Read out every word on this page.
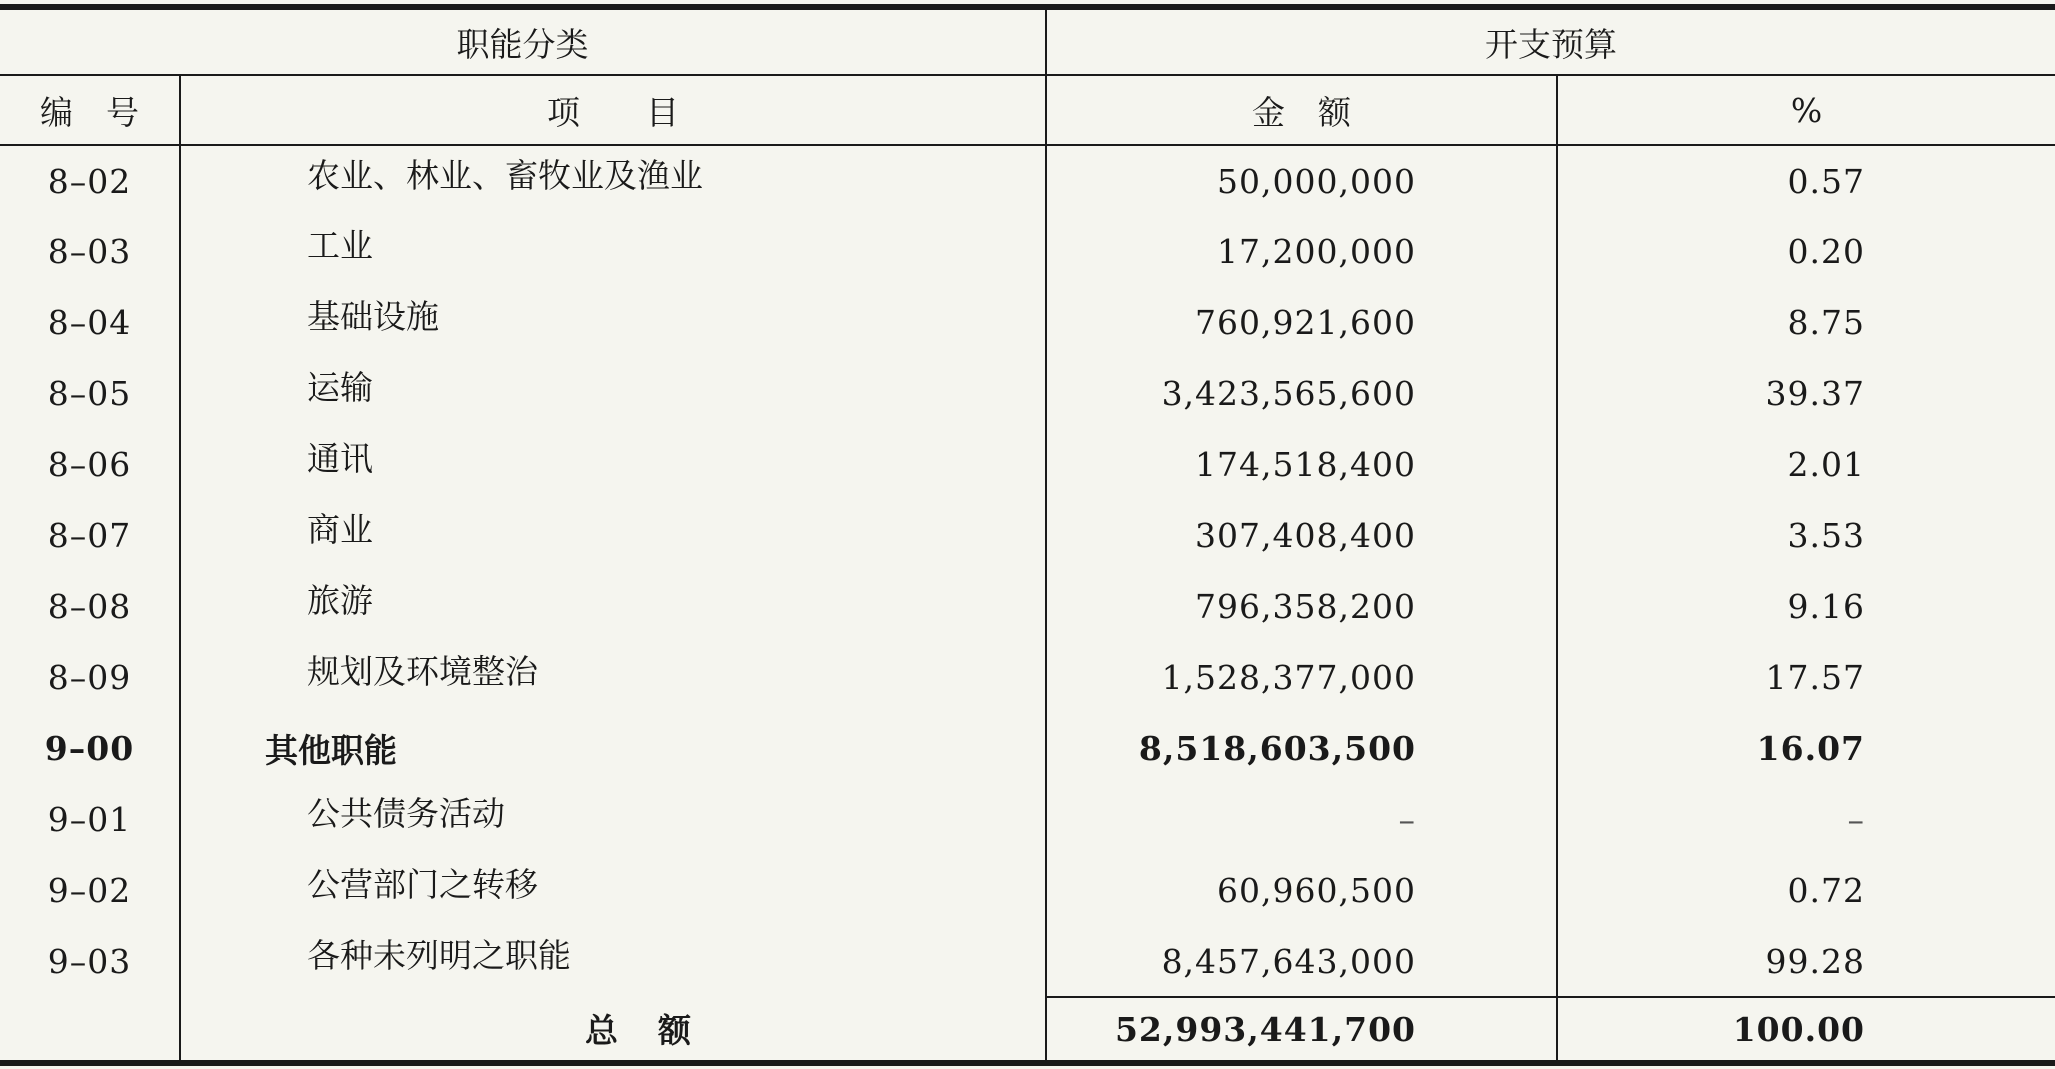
职能分类		开支预算	
编　号	项　　目	金　额	%
8–02	农业、林业、畜牧业及渔业	50,000,000	0.57
8–03	工业	17,200,000	0.20
8–04	基础设施	760,921,600	8.75
8–05	运输	3,423,565,600	39.37
8–06	通讯	174,518,400	2.01
8–07	商业	307,408,400	3.53
8–08	旅游	796,358,200	9.16
8–09	规划及环境整治	1,528,377,000	17.57
9–00	其他职能	8,518,603,500	16.07
9–01	公共债务活动	–	–
9–02	公营部门之转移	60,960,500	0.72
9–03	各种未列明之职能	8,457,643,000	99.28
	总额	52,993,441,700	100.00
